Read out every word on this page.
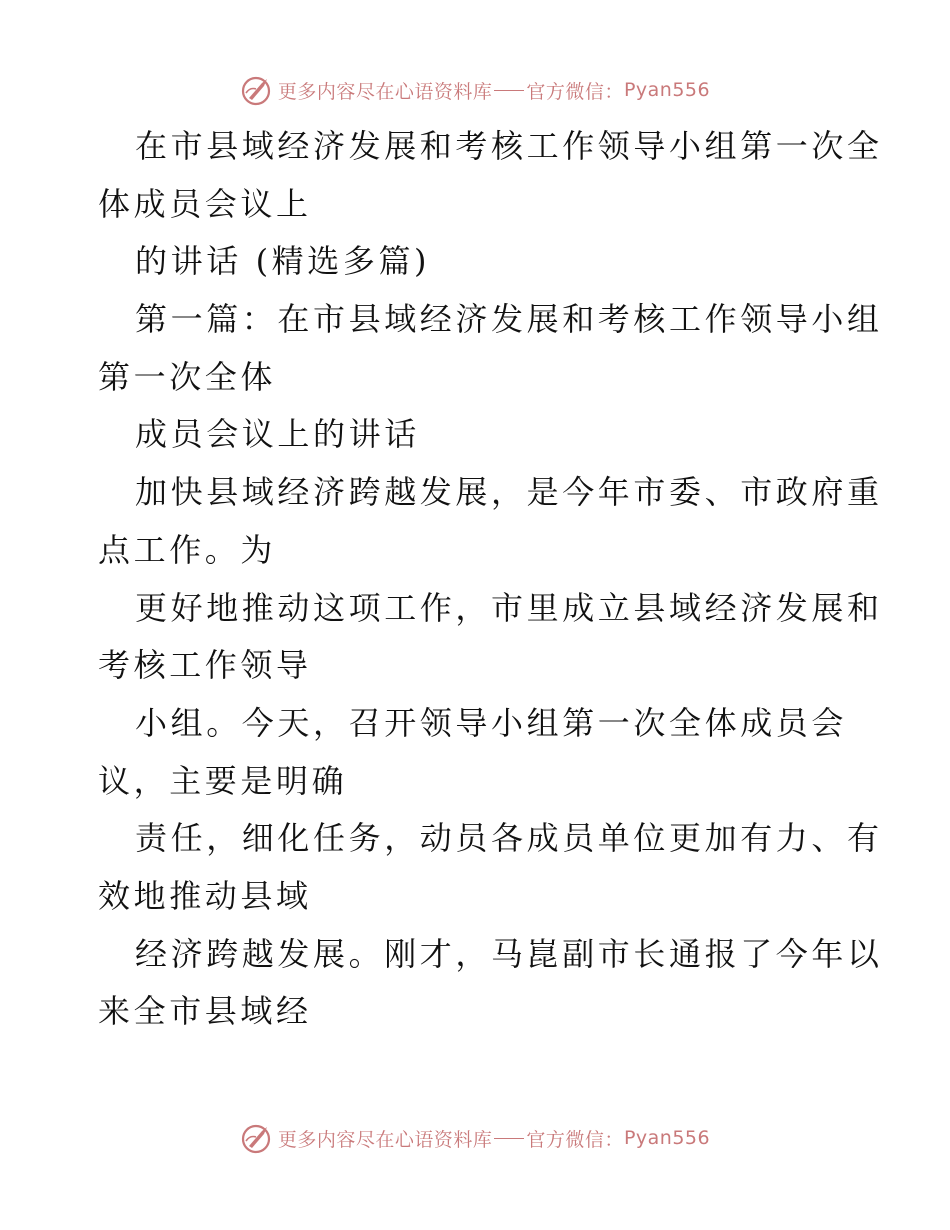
更多内容尽在心语资料库 官方微信： Pyan556
在市县域经济发展和考核工作领导小组第一次全
体成员会议上
的讲话 (精选多篇)
第一篇：在市县域经济发展和考核工作领导小组
第一次全体
成员会议上的讲话
加快县域经济跨越发展，是今年市委、市政府重
点工作。为
更好地推动这项工作，市里成立县域经济发展和
考核工作领导
小组。今天，召开领导小组第一次全体成员会
议，主要是明确
责任，细化任务，动员各成员单位更加有力、有
效地推动县域
经济跨越发展。刚才，马崑副市长通报了今年以
来全市县域经
更多内容尽在心语资料库 官方微信： Pyan556
